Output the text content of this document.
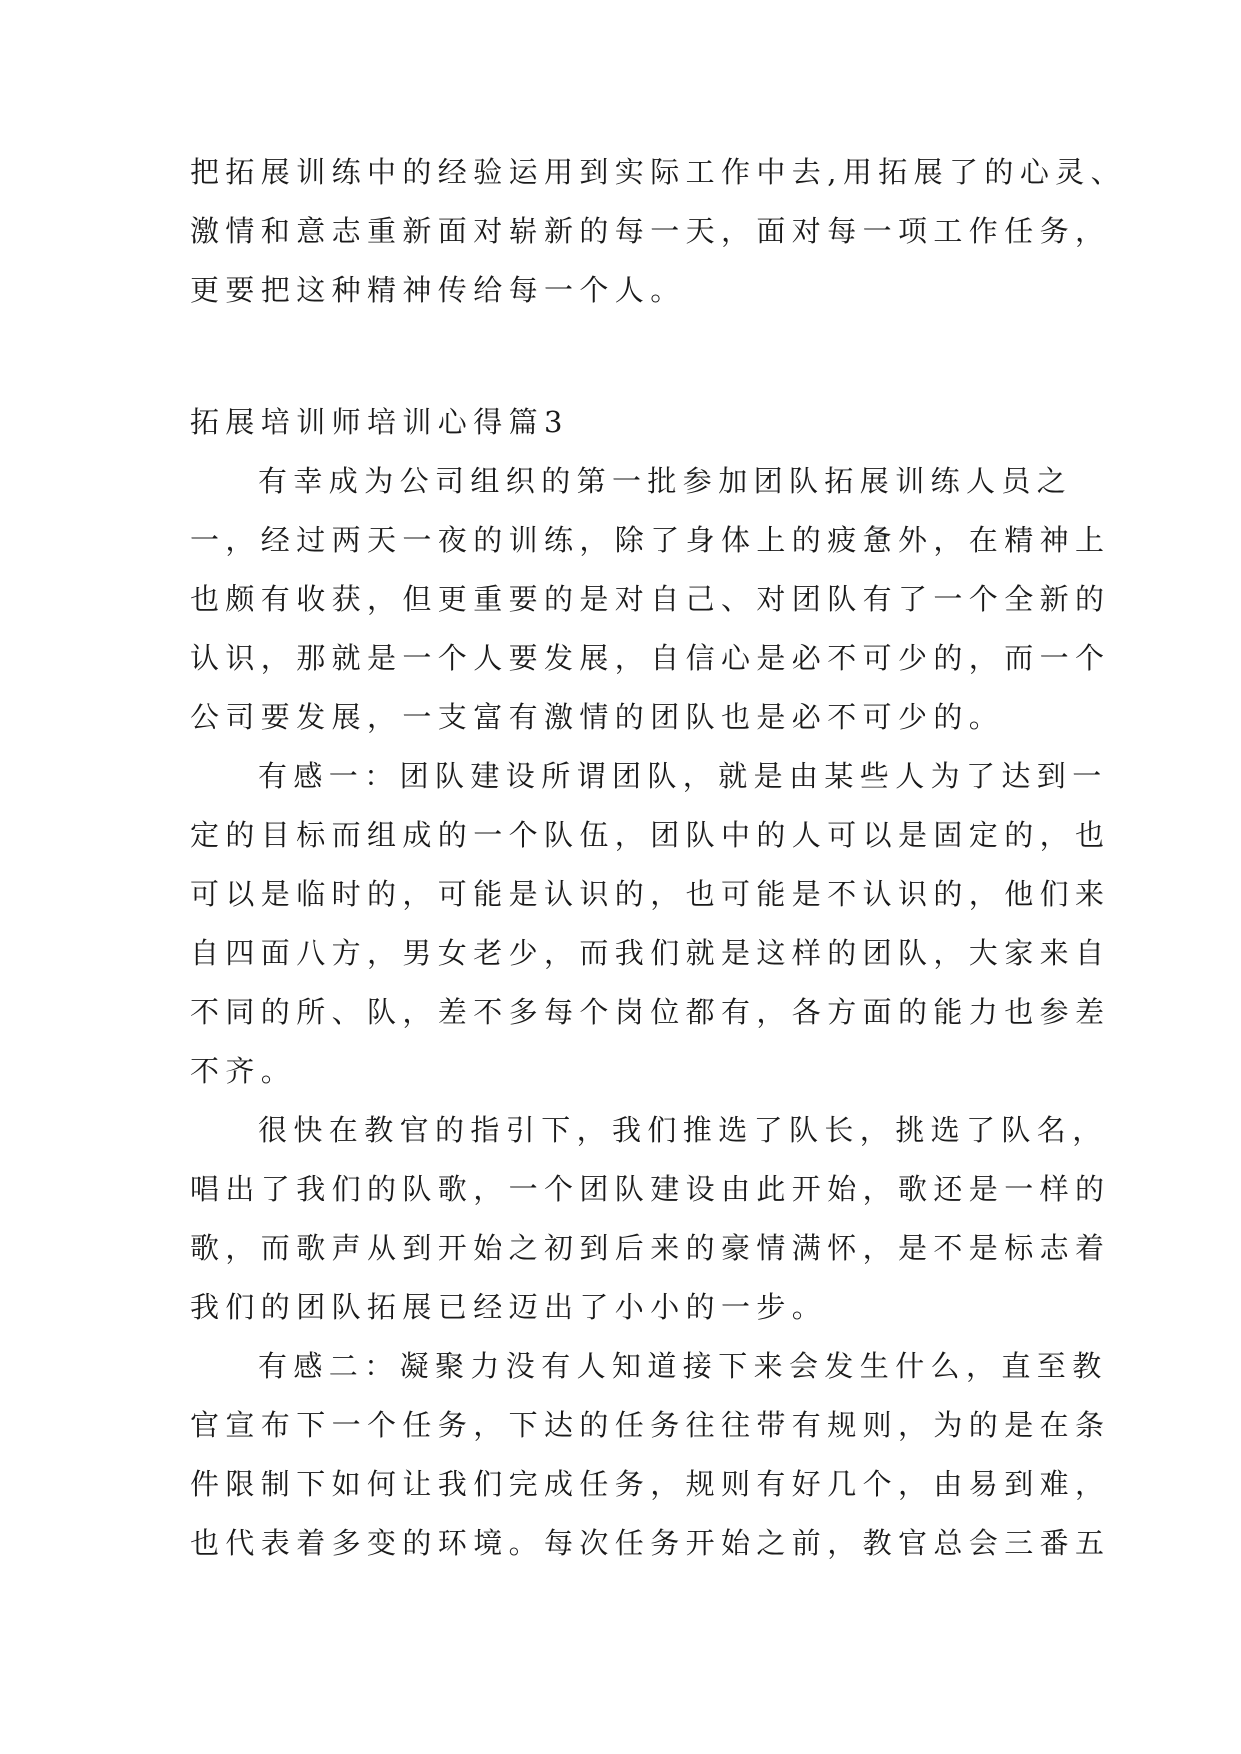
把拓展训练中的经验运用到实际工作中去,用拓展了的心灵、
激情和意志重新面对崭新的每一天，面对每一项工作任务，
更要把这种精神传给每一个人。
拓展培训师培训心得篇3
有幸成为公司组织的第一批参加团队拓展训练人员之
一，经过两天一夜的训练，除了身体上的疲惫外，在精神上
也颇有收获，但更重要的是对自己、对团队有了一个全新的
认识，那就是一个人要发展，自信心是必不可少的，而一个
公司要发展，一支富有激情的团队也是必不可少的。
有感一：团队建设所谓团队，就是由某些人为了达到一
定的目标而组成的一个队伍，团队中的人可以是固定的，也
可以是临时的，可能是认识的，也可能是不认识的，他们来
自四面八方，男女老少，而我们就是这样的团队，大家来自
不同的所、队，差不多每个岗位都有，各方面的能力也参差
不齐。
很快在教官的指引下，我们推选了队长，挑选了队名，
唱出了我们的队歌，一个团队建设由此开始，歌还是一样的
歌，而歌声从到开始之初到后来的豪情满怀，是不是标志着
我们的团队拓展已经迈出了小小的一步。
有感二：凝聚力没有人知道接下来会发生什么，直至教
官宣布下一个任务，下达的任务往往带有规则，为的是在条
件限制下如何让我们完成任务，规则有好几个，由易到难，
也代表着多变的环境。每次任务开始之前，教官总会三番五
